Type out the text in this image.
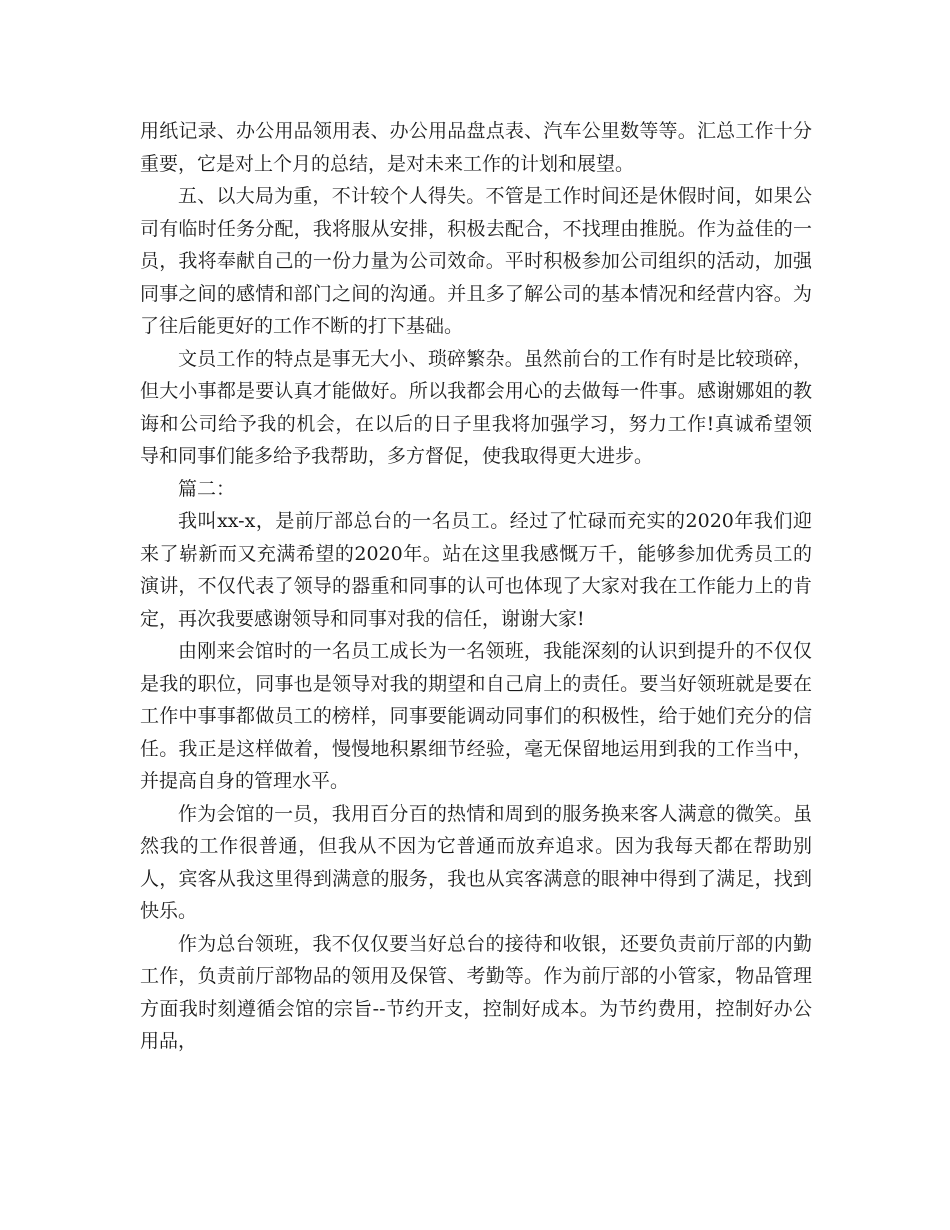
用纸记录、办公用品领用表、办公用品盘点表、汽车公里数等等。汇总工作十分重要，它是对上个月的总结，是对未来工作的计划和展望。

五、以大局为重，不计较个人得失。不管是工作时间还是休假时间，如果公司有临时任务分配，我将服从安排，积极去配合，不找理由推脱。作为益佳的一员，我将奉献自己的一份力量为公司效命。平时积极参加公司组织的活动，加强同事之间的感情和部门之间的沟通。并且多了解公司的基本情况和经营内容。为了往后能更好的工作不断的打下基础。

文员工作的特点是事无大小、琐碎繁杂。虽然前台的工作有时是比较琐碎，但大小事都是要认真才能做好。所以我都会用心的去做每一件事。感谢娜姐的教诲和公司给予我的机会，在以后的日子里我将加强学习，努力工作!真诚希望领导和同事们能多给予我帮助，多方督促，使我取得更大进步。

篇二：

我叫xx-x，是前厅部总台的一名员工。经过了忙碌而充实的2020年我们迎来了崭新而又充满希望的2020年。站在这里我感慨万千，能够参加优秀员工的演讲，不仅代表了领导的器重和同事的认可也体现了大家对我在工作能力上的肯定，再次我要感谢领导和同事对我的信任，谢谢大家!

由刚来会馆时的一名员工成长为一名领班，我能深刻的认识到提升的不仅仅是我的职位，同事也是领导对我的期望和自己肩上的责任。要当好领班就是要在工作中事事都做员工的榜样，同事要能调动同事们的积极性，给于她们充分的信任。我正是这样做着，慢慢地积累细节经验，毫无保留地运用到我的工作当中，并提高自身的管理水平。

作为会馆的一员，我用百分百的热情和周到的服务换来客人满意的微笑。虽然我的工作很普通，但我从不因为它普通而放弃追求。因为我每天都在帮助别人，宾客从我这里得到满意的服务，我也从宾客满意的眼神中得到了满足，找到快乐。

作为总台领班，我不仅仅要当好总台的接待和收银，还要负责前厅部的内勤工作，负责前厅部物品的领用及保管、考勤等。作为前厅部的小管家，物品管理方面我时刻遵循会馆的宗旨--节约开支，控制好成本。为节约费用，控制好办公用品，
